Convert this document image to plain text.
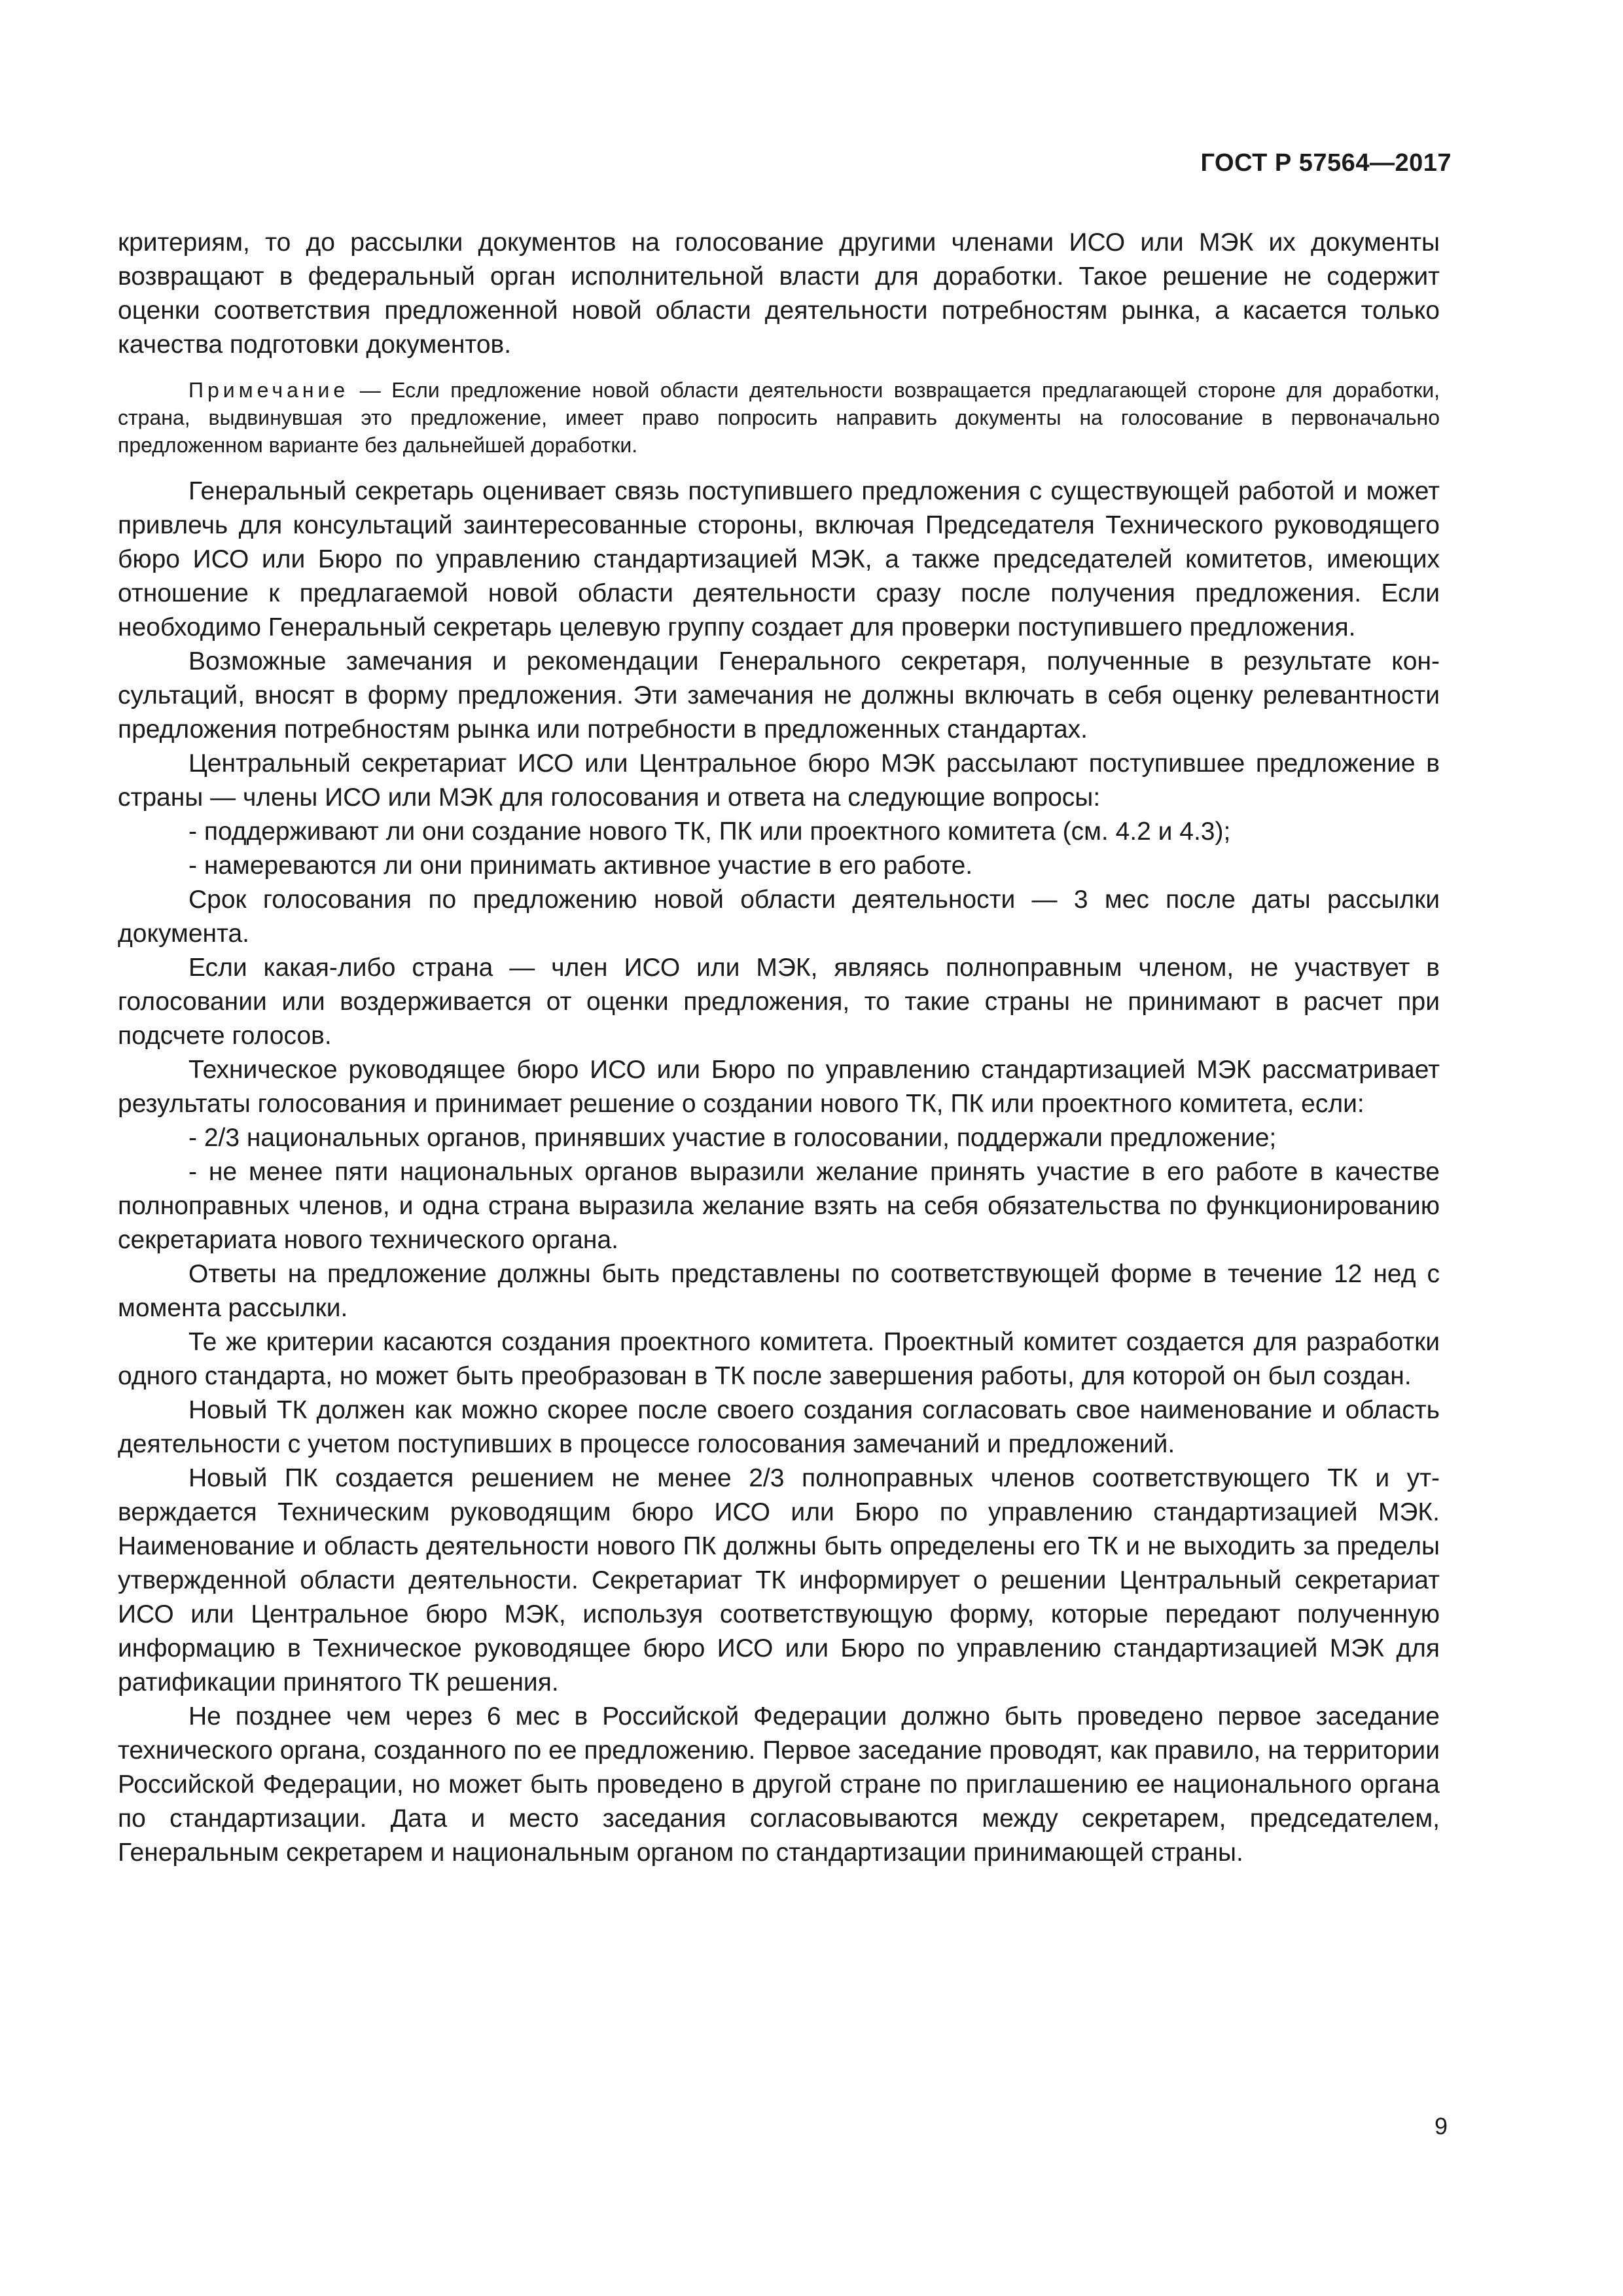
ГОСТ Р 57564—2017

критериям, то до рассылки документов на голосование другими членами ИСО или МЭК их документы возвращают в федеральный орган исполнительной власти для доработки. Такое решение не содержит оценки соответствия предложенной новой области деятельности потребностям рынка, а касается только качества подготовки документов.

Примечание — Если предложение новой области деятельности возвращается предлагающей стороне для доработки, страна, выдвинувшая это предложение, имеет право попросить направить документы на голосование в первоначально предложенном варианте без дальнейшей доработки.

Генеральный секретарь оценивает связь поступившего предложения с существующей работой и может привлечь для консультаций заинтересованные стороны, включая Председателя Технического руководящего бюро ИСО или Бюро по управлению стандартизацией МЭК, а также председателей комитетов, имеющих отношение к предлагаемой новой области деятельности сразу после получения предложения. Если необходимо Генеральный секретарь целевую группу создает для проверки поступившего предложения.

Возможные замечания и рекомендации Генерального секретаря, полученные в результате консультаций, вносят в форму предложения. Эти замечания не должны включать в себя оценку релевантности предложения потребностям рынка или потребности в предложенных стандартах.

Центральный секретариат ИСО или Центральное бюро МЭК рассылают поступившее предложение в страны — члены ИСО или МЭК для голосования и ответа на следующие вопросы:

- поддерживают ли они создание нового ТК, ПК или проектного комитета (см. 4.2 и 4.3);

- намереваются ли они принимать активное участие в его работе.

Срок голосования по предложению новой области деятельности — 3 мес после даты рассылки документа.

Если какая-либо страна — член ИСО или МЭК, являясь полноправным членом, не участвует в голосовании или воздерживается от оценки предложения, то такие страны не принимают в расчет при подсчете голосов.

Техническое руководящее бюро ИСО или Бюро по управлению стандартизацией МЭК рассматривает результаты голосования и принимает решение о создании нового ТК, ПК или проектного комитета, если:

- 2/3 национальных органов, принявших участие в голосовании, поддержали предложение;

- не менее пяти национальных органов выразили желание принять участие в его работе в качестве полноправных членов, и одна страна выразила желание взять на себя обязательства по функционированию секретариата нового технического органа.

Ответы на предложение должны быть представлены по соответствующей форме в течение 12 нед с момента рассылки.

Те же критерии касаются создания проектного комитета. Проектный комитет создается для разработки одного стандарта, но может быть преобразован в ТК после завершения работы, для которой он был создан.

Новый ТК должен как можно скорее после своего создания согласовать свое наименование и область деятельности с учетом поступивших в процессе голосования замечаний и предложений.

Новый ПК создается решением не менее 2/3 полноправных членов соответствующего ТК и утверждается Техническим руководящим бюро ИСО или Бюро по управлению стандартизацией МЭК. Наименование и область деятельности нового ПК должны быть определены его ТК и не выходить за пределы утвержденной области деятельности. Секретариат ТК информирует о решении Центральный секретариат ИСО или Центральное бюро МЭК, используя соответствующую форму, которые передают полученную информацию в Техническое руководящее бюро ИСО или Бюро по управлению стандартизацией МЭК для ратификации принятого ТК решения.

Не позднее чем через 6 мес в Российской Федерации должно быть проведено первое заседание технического органа, созданного по ее предложению. Первое заседание проводят, как правило, на территории Российской Федерации, но может быть проведено в другой стране по приглашению ее национального органа по стандартизации. Дата и место заседания согласовываются между секретарем, председателем, Генеральным секретарем и национальным органом по стандартизации принимающей страны.

9
